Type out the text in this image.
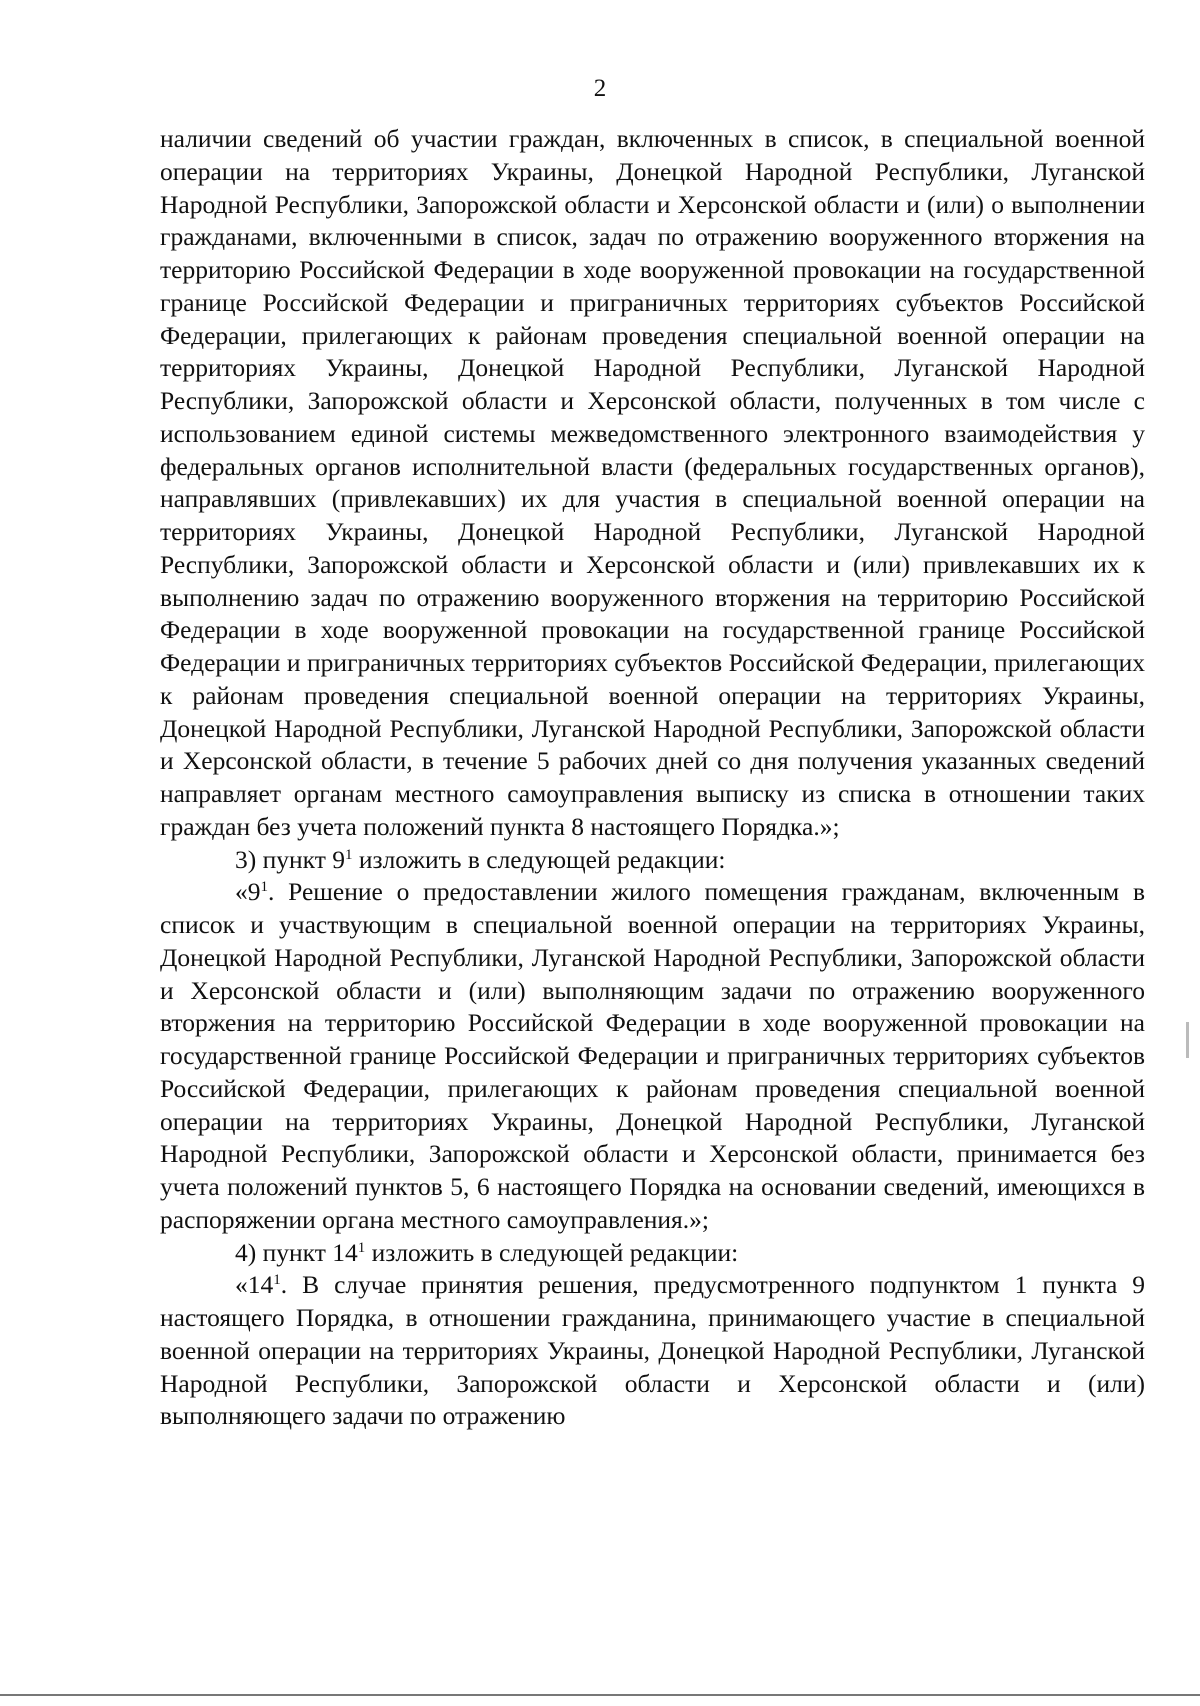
2

наличии сведений об участии граждан, включенных в список, в специальной военной операции на территориях Украины, Донецкой Народной Республики, Луганской Народной Республики, Запорожской области и Херсонской области и (или) о выполнении гражданами, включенными в список, задач по отражению вооруженного вторжения на территорию Российской Федерации в ходе вооруженной провокации на государственной границе Российской Федерации и приграничных территориях субъектов Российской Федерации, прилегающих к районам проведения специальной военной операции на территориях Украины, Донецкой Народной Республики, Луганской Народной Республики, Запорожской области и Херсонской области, полученных в том числе с использованием единой системы межведомственного электронного взаимодействия у федеральных органов исполнительной власти (федеральных государственных органов), направлявших (привлекавших) их для участия в специальной военной операции на территориях Украины, Донецкой Народной Республики, Луганской Народной Республики, Запорожской области и Херсонской области и (или) привлекавших их к выполнению задач по отражению вооруженного вторжения на территорию Российской Федерации в ходе вооруженной провокации на государственной границе Российской Федерации и приграничных территориях субъектов Российской Федерации, прилегающих к районам проведения специальной военной операции на территориях Украины, Донецкой Народной Республики, Луганской Народной Республики, Запорожской области и Херсонской области, в течение 5 рабочих дней со дня получения указанных сведений направляет органам местного самоуправления выписку из списка в отношении таких граждан без учета положений пункта 8 настоящего Порядка.»;

3) пункт $9^1$ изложить в следующей редакции:

«$9^1$. Решение о предоставлении жилого помещения гражданам, включенным в список и участвующим в специальной военной операции на территориях Украины, Донецкой Народной Республики, Луганской Народной Республики, Запорожской области и Херсонской области и (или) выполняющим задачи по отражению вооруженного вторжения на территорию Российской Федерации в ходе вооруженной провокации на государственной границе Российской Федерации и приграничных территориях субъектов Российской Федерации, прилегающих к районам проведения специальной военной операции на территориях Украины, Донецкой Народной Республики, Луганской Народной Республики, Запорожской области и Херсонской области, принимается без учета положений пунктов 5, 6 настоящего Порядка на основании сведений, имеющихся в распоряжении органа местного самоуправления.»;

4) пункт $14^1$ изложить в следующей редакции:

«$14^1$. В случае принятия решения, предусмотренного подпунктом 1 пункта 9 настоящего Порядка, в отношении гражданина, принимающего участие в специальной военной операции на территориях Украины, Донецкой Народной Республики, Луганской Народной Республики, Запорожской области и Херсонской области и (или) выполняющего задачи по отражению
